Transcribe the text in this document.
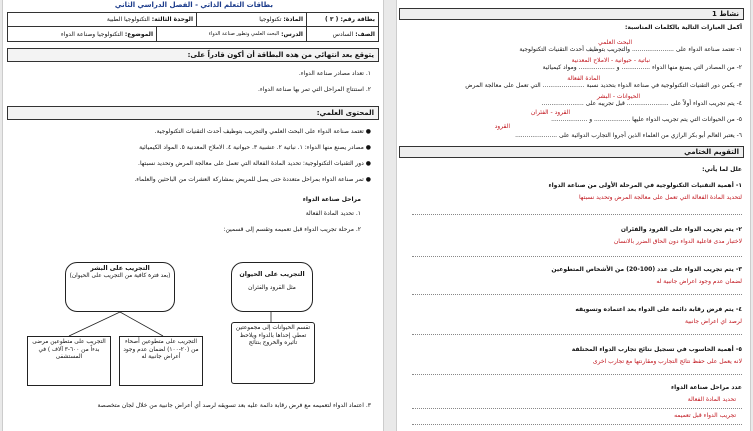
نشاط 1
أكمل العبارات التالية بالكلمات المناسبة:
١- تعتمد صناعة الدواء على ...................... والتجريب بتوظيف أحدث التقنيات التكنولوجية
البحث العلمي
٢- من المصادر التي يصنع منها الدواء ............... و ................... ومواد كيميائية
نباتية - حيوانية - الاملاح المعدنية
٣- يكمن دور التقنيات التكنولوجية في صناعة الدواء بتحديد نسبة ...................... التي تعمل على معالجة المرض
المادة الفعالة
٤- يتم تجريب الدواء أولاً على ...................... قبل تجريبه على ......................
الحيوانات - البشر
٥- من الحيوانات التي يتم تجريب الدواء عليها ................... و ...................
القرود - الفئران
٦- يعتبر العالم أبو بكر الرازي من العلماء الذين أجروا التجارب الدوائية على ......................
القرود
التقويم الختامي
علل لما يأتي:
١- أهمية التقنيات التكنولوجية في المرحلة الأولى من صناعة الدواء
لتحديد المادة الفعالة التي تعمل على معالجة المرض وتحديد نسبتها
٢- يتم تجريب الدواء على القرود والفئران
لاختبار مدى فاعلية الدواء دون الحاق الضرر بالانسان
٣- يتم تجريب الدواء على عدد (100-20) من الأشخاص المتطوعين
لضمان عدم وجود اعراض جانبية له
٤- يتم فرض رقابة دائمة على الدواء بعد اعتماده وتسويقه
لرصد اي اعراض جانبية
٥- أهمية الحاسوب في تسجيل نتائج تجارب الدواء المختلفة
لانه يعمل على حفظ نتائج التجارب ومقارنتها مع تجارب اخرى
عدد مراحل صناعة الدواء
تحديد المادة الفعالة
تجريب الدواء قبل تعميمه
بطاقات التعلم الذاتي - الفصل الدراسي الثاني
بطاقة رقم:

( ٣ )
المادة:

تكنولوجيا
الوحدة الثالثة:

التكنولوجيا الطبية
الصف:

السادس
الدرس:

البحث العلمي وتطور صناعة الدواء
الموضوع:

التكنولوجيا وصناعة الدواء
يتوقع بعد انتهائي من هذه البطاقة أن أكون قادراً على:
١. تعداد مصادر صناعة الدواء.
٢. استنتاج المراحل التي تمر بها صناعة الدواء.
المحتوى العلمي:
● تعتمد صناعة الدواء على البحث العلمي والتجريب بتوظيف أحدث التقنيات التكنولوجية.
● مصادر يصنع منها الدواء: ١. نباتية ٢. عشبية ٣. حيوانية ٤. الاملاح المعدنية ٥. المواد الكيميائية
● دور التقنيات التكنولوجية: تحديد المادة الفعالة التي تعمل على معالجة المرض وتحديد نسبتها.
● تمر صناعة الدواء بمراحل متعددة حتى يصل للمريض بمشاركة العشرات من الباحثين والعلماء.
مراحل صناعة الدواء
١. تحديد المادة الفعالة
٢. مرحلة تجريب الدواء قبل تعميمه وتقسم إلى قسمين:
التجريب على البشر
(بعد فترة كافية من التجريب على الحيوان)	التجريب على الحيوان
مثل القرود والفئران
التجريب على متطوعين مرضى بدءاً من ٦٠٠-٣ آلاف ) في المستشفى
التجريب على متطوعين أصحاء من (٢٠-١٠٠) لضمان عدم وجود أعراض جانبية له
تقسم الحيوانات إلى مجموعتين تعطى إحداها بالدواء ويلاحظ تأثيره والخروج بنتائج
٣. اعتماد الدواء لتعميمه مع فرض رقابة دائمة عليه بعد تسويقه لرصد أي أعراض جانبية من خلال لجان متخصصة
